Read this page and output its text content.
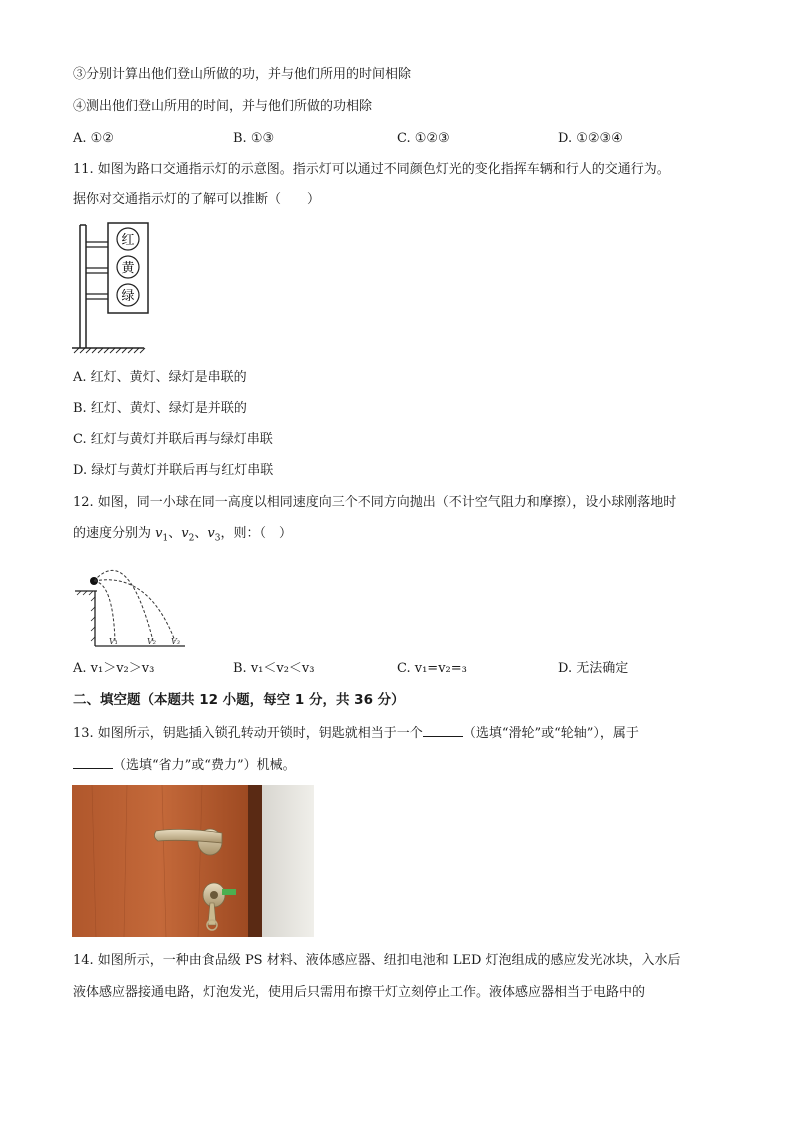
③分别计算出他们登山所做的功，并与他们所用的时间相除
④测出他们登山所用的时间，并与他们所做的功相除
A. ①②	B. ①③	C. ①②③	D. ①②③④
11. 如图为路口交通指示灯的示意图。指示灯可以通过不同颜色灯光的变化指挥车辆和行人的交通行为。
据你对交通指示灯的了解可以推断（　　）
红
黄
绿
A. 红灯、黄灯、绿灯是串联的
B. 红灯、黄灯、绿灯是并联的
C. 红灯与黄灯并联后再与绿灯串联
D. 绿灯与黄灯并联后再与红灯串联
12. 如图，同一小球在同一高度以相同速度向三个不同方向抛出（不计空气阻力和摩擦），设小球刚落地时
的速度分别为 $v_1$、$v_2$、$v_3$，则：（　）
V₁	V₂ V₃
A. v₁＞v₂＞v₃	B. v₁＜v₂＜v₃	C. v₁=v₂=₃	D. 无法确定
二、填空题（本题共 12 小题，每空 1 分，共 36 分）
13. 如图所示，钥匙插入锁孔转动开锁时，钥匙就相当于一个	（选填“滑轮”或“轮轴”），属于
（选填“省力”或“费力”）机械。
14. 如图所示，一种由食品级 PS 材料、液体感应器、纽扣电池和 LED 灯泡组成的感应发光冰块，入水后
液体感应器接通电路，灯泡发光，使用后只需用布擦干灯立刻停止工作。液体感应器相当于电路中的
